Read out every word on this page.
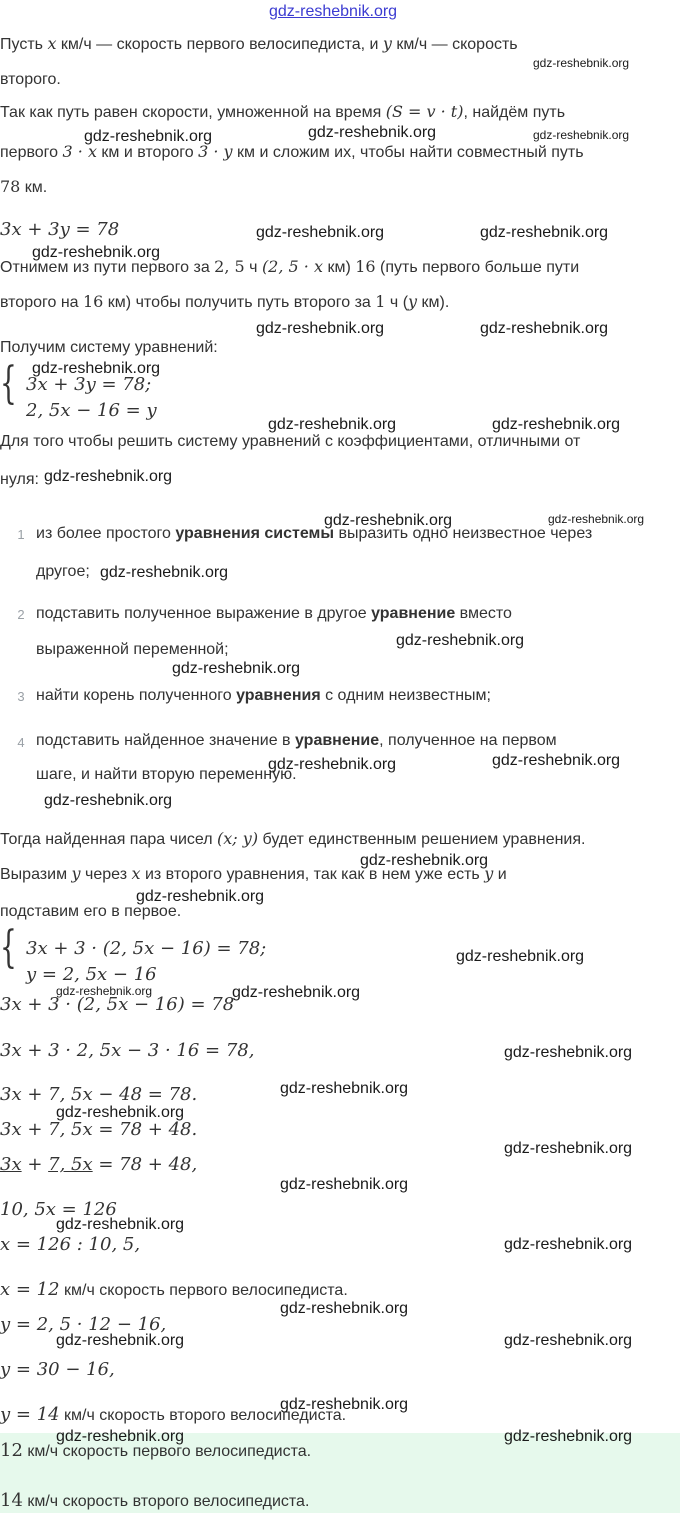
gdz-reshebnik.org
Пусть x км/ч — скорость первого велосипедиста, и y км/ч — скорость
второго.
Так как путь равен скорости, умноженной на время (S = v · t), найдём путь
первого 3 · x км и второго 3 · y км и сложим их, чтобы найти совместный путь
78 км.
3x + 3y = 78
Отнимем из пути первого за 2, 5 ч (2, 5 · x км) 16 (путь первого больше пути
второго на 16 км) чтобы получить путь второго за 1 ч (y км).
Получим систему уравнений:
{ 3x + 3y = 78;
2, 5x − 16 = y
Для того чтобы решить систему уравнений с коэффициентами, отличными от
нуля:
1 из более простого уравнения системы выразить одно неизвестное через
другое;
2 подставить полученное выражение в другое уравнение вместо
выраженной переменной;
3 найти корень полученного уравнения с одним неизвестным;
4 подставить найденное значение в уравнение, полученное на первом
шаге, и найти вторую переменную.
Тогда найденная пара чисел (x; y) будет единственным решением уравнения.
Выразим y через x из второго уравнения, так как в нем уже есть y и
подставим его в первое.
{ 3x + 3 · (2, 5x − 16) = 78;
y = 2, 5x − 16
3x + 3 · (2, 5x − 16) = 78
3x + 3 · 2, 5x − 3 · 16 = 78,
3x + 7, 5x − 48 = 78.
3x + 7, 5x = 78 + 48.
3x + 7, 5x = 78 + 48,
10, 5x = 126
x = 126 : 10, 5,
x = 12 км/ч скорость первого велосипедиста.
y = 2, 5 · 12 − 16,
y = 30 − 16,
y = 14 км/ч скорость второго велосипедиста.
12 км/ч скорость первого велосипедиста.
14 км/ч скорость второго велосипедиста.
gdz-reshebnik.org
gdz-reshebnik.org	gdz-reshebnik.org	gdz-reshebnik.org
gdz-reshebnik.org	gdz-reshebnik.org
gdz-reshebnik.org
gdz-reshebnik.org	gdz-reshebnik.org
gdz-reshebnik.org
gdz-reshebnik.org	gdz-reshebnik.org
gdz-reshebnik.org
gdz-reshebnik.org	gdz-reshebnik.org
gdz-reshebnik.org
gdz-reshebnik.org
gdz-reshebnik.org
gdz-reshebnik.org	gdz-reshebnik.org
gdz-reshebnik.org
gdz-reshebnik.org
gdz-reshebnik.org
gdz-reshebnik.org
gdz-reshebnik.org	gdz-reshebnik.org
gdz-reshebnik.org
gdz-reshebnik.org
gdz-reshebnik.org
gdz-reshebnik.org
gdz-reshebnik.org
gdz-reshebnik.org
gdz-reshebnik.org
gdz-reshebnik.org
gdz-reshebnik.org	gdz-reshebnik.org
gdz-reshebnik.org
gdz-reshebnik.org	gdz-reshebnik.org
